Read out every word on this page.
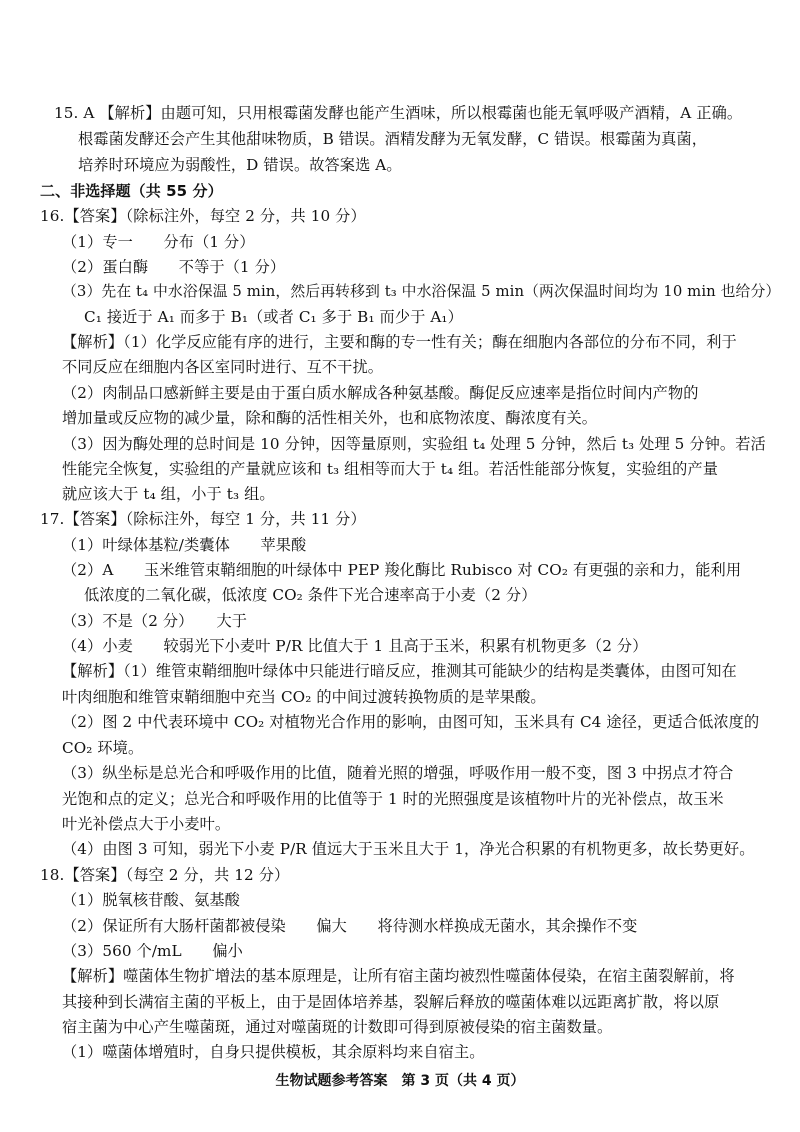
15. A 【解析】由题可知，只用根霉菌发酵也能产生酒味，所以根霉菌也能无氧呼吸产酒精，A 正确。
根霉菌发酵还会产生其他甜味物质，B 错误。酒精发酵为无氧发酵，C 错误。根霉菌为真菌，
培养时环境应为弱酸性，D 错误。故答案选 A。
二、非选择题（共 55 分）
16.【答案】（除标注外，每空 2 分，共 10 分）
（1）专一　　分布（1 分）
（2）蛋白酶　　不等于（1 分）
（3）先在 t₄ 中水浴保温 5 min，然后再转移到 t₃ 中水浴保温 5 min（两次保温时间均为 10 min 也给分）
C₁ 接近于 A₁ 而多于 B₁（或者 C₁ 多于 B₁ 而少于 A₁）
【解析】（1）化学反应能有序的进行，主要和酶的专一性有关；酶在细胞内各部位的分布不同，利于
不同反应在细胞内各区室同时进行、互不干扰。
（2）肉制品口感新鲜主要是由于蛋白质水解成各种氨基酸。酶促反应速率是指位时间内产物的
增加量或反应物的减少量，除和酶的活性相关外，也和底物浓度、酶浓度有关。
（3）因为酶处理的总时间是 10 分钟，因等量原则，实验组 t₄ 处理 5 分钟，然后 t₃ 处理 5 分钟。若活
性能完全恢复，实验组的产量就应该和 t₃ 组相等而大于 t₄ 组。若活性能部分恢复，实验组的产量
就应该大于 t₄ 组，小于 t₃ 组。
17.【答案】（除标注外，每空 1 分，共 11 分）
（1）叶绿体基粒/类囊体　　苹果酸
（2）A　　玉米维管束鞘细胞的叶绿体中 PEP 羧化酶比 Rubisco 对 CO₂ 有更强的亲和力，能利用
低浓度的二氧化碳，低浓度 CO₂ 条件下光合速率高于小麦（2 分）
（3）不是（2 分）　　大于
（4）小麦　　较弱光下小麦叶 P/R 比值大于 1 且高于玉米，积累有机物更多（2 分）
【解析】（1）维管束鞘细胞叶绿体中只能进行暗反应，推测其可能缺少的结构是类囊体，由图可知在
叶肉细胞和维管束鞘细胞中充当 CO₂ 的中间过渡转换物质的是苹果酸。
（2）图 2 中代表环境中 CO₂ 对植物光合作用的影响，由图可知，玉米具有 C4 途径，更适合低浓度的
CO₂ 环境。
（3）纵坐标是总光合和呼吸作用的比值，随着光照的增强，呼吸作用一般不变，图 3 中拐点才符合
光饱和点的定义；总光合和呼吸作用的比值等于 1 时的光照强度是该植物叶片的光补偿点，故玉米
叶光补偿点大于小麦叶。
（4）由图 3 可知，弱光下小麦 P/R 值远大于玉米且大于 1，净光合积累的有机物更多，故长势更好。
18.【答案】（每空 2 分，共 12 分）
（1）脱氧核苷酸、氨基酸
（2）保证所有大肠杆菌都被侵染　　偏大　　将待测水样换成无菌水，其余操作不变
（3）560 个/mL　　偏小
【解析】噬菌体生物扩增法的基本原理是，让所有宿主菌均被烈性噬菌体侵染，在宿主菌裂解前，将
其接种到长满宿主菌的平板上，由于是固体培养基，裂解后释放的噬菌体难以远距离扩散，将以原
宿主菌为中心产生噬菌斑，通过对噬菌斑的计数即可得到原被侵染的宿主菌数量。
（1）噬菌体增殖时，自身只提供模板，其余原料均来自宿主。
生物试题参考答案　第 3 页（共 4 页）
